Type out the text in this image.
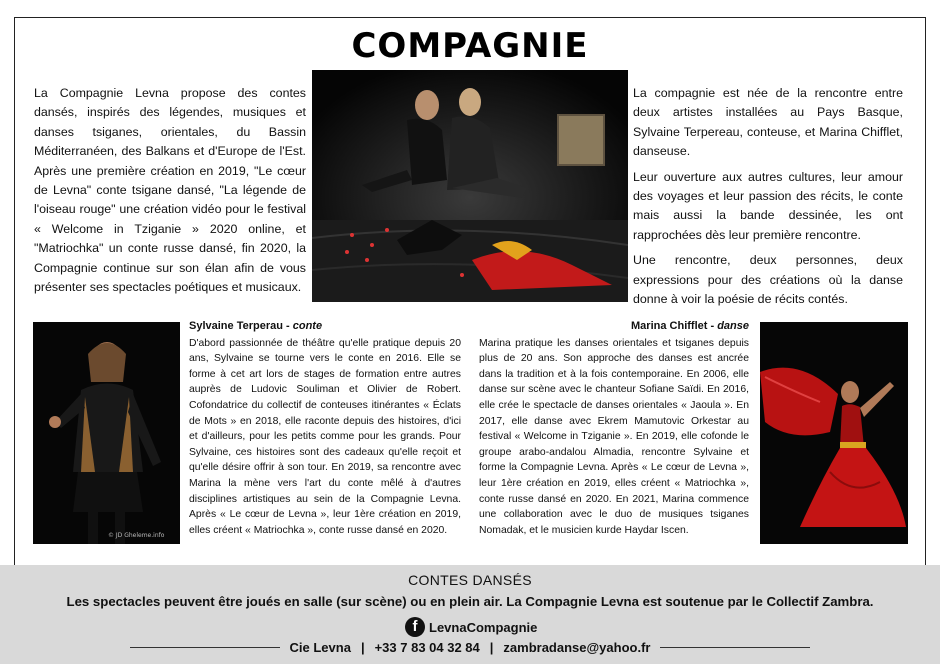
COMPAGNIE
La Compagnie Levna propose des contes dansés, inspirés des légendes, musiques et danses tsiganes, orientales, du Bassin Méditerranéen, des Balkans et d'Europe de l'Est. Après une première création en 2019, "Le cœur de Levna" conte tsigane dansé, "La légende de l'oiseau rouge" une création vidéo pour le festival « Welcome in Tziganie » 2020 online, et "Matriochka" un conte russe dansé, fin 2020, la Compagnie continue sur son élan afin de vous présenter ses spectacles poétiques et musicaux.

La compagnie est née de la rencontre entre deux artistes installées au Pays Basque, Sylvaine Terpereau, conteuse, et Marina Chifflet, danseuse.

Leur ouverture aux autres cultures, leur amour des voyages et leur passion des récits, le conte mais aussi la bande dessinée, les ont rapprochées dès leur première rencontre.

Une rencontre, deux personnes, deux expressions pour des créations où la danse donne à voir la poésie de récits contés.

© JD Gheleme.info
Sylvaine Terperau - conte
D'abord passionnée de théâtre qu'elle pratique depuis 20 ans, Sylvaine se tourne vers le conte en 2016. Elle se forme à cet art lors de stages de formation entre autres auprès de Ludovic Souliman et Olivier de Robert. Cofondatrice du collectif de conteuses itinérantes « Éclats de Mots » en 2018, elle raconte depuis des histoires, d'ici et d'ailleurs, pour les petits comme pour les grands. Pour Sylvaine, ces histoires sont des cadeaux qu'elle reçoit et qu'elle désire offrir à son tour. En 2019, sa rencontre avec Marina la mène vers l'art du conte mêlé à d'autres disciplines artistiques au sein de la Compagnie Levna. Après « Le cœur de Levna », leur 1ère création en 2019, elles créent « Matriochka », conte russe dansé en 2020.
Marina Chifflet - danse
Marina pratique les danses orientales et tsiganes depuis plus de 20 ans. Son approche des danses est ancrée dans la tradition et à la fois contemporaine. En 2006, elle danse sur scène avec le chanteur Sofiane Saïdi. En 2016, elle crée le spectacle de danses orientales « Jaoula ». En 2017, elle danse avec Ekrem Mamutovic Orkestar au festival « Welcome in Tziganie ». En 2019, elle cofonde le groupe arabo-andalou Almadia, rencontre Sylvaine et forme la Compagnie Levna. Après « Le cœur de Levna », leur 1ère création en 2019, elles créent « Matriochka », conte russe dansé en 2020. En 2021, Marina commence une collaboration avec le duo de musiques tsiganes Nomadak, et le musicien kurde Haydar Iscen.
CONTES DANSÉS
Les spectacles peuvent être joués en salle (sur scène) ou en plein air. La Compagnie Levna est soutenue par le Collectif Zambra.
f LevnaCompagnie
Cie Levna | +33 7 83 04 32 84 | zambradanse@yahoo.fr
